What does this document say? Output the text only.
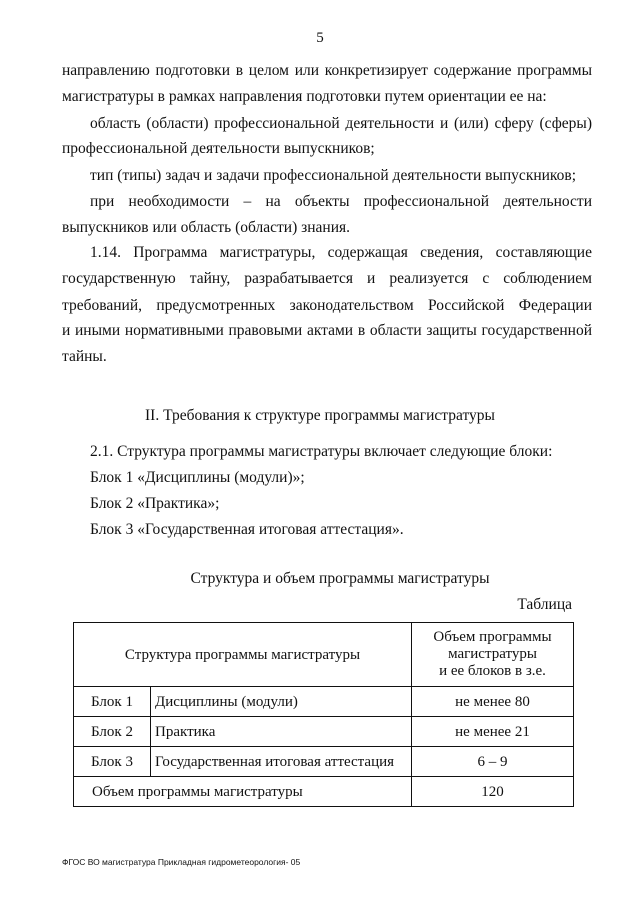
5
направлению подготовки в целом или конкретизирует содержание программы
магистратуры в рамках направления подготовки путем ориентации ее на:
область (области) профессиональной деятельности и (или) сферу (сферы)
профессиональной деятельности выпускников;
тип (типы) задач и задачи профессиональной деятельности выпускников;
при необходимости – на объекты профессиональной деятельности
выпускников или область (области) знания.
1.14. Программа магистратуры, содержащая сведения, составляющие
государственную тайну, разрабатывается и реализуется с соблюдением
требований, предусмотренных законодательством Российской Федерации
и иными нормативными правовыми актами в области защиты государственной
тайны.
II. Требования к структуре программы магистратуры
2.1. Структура программы магистратуры включает следующие блоки:
Блок 1 «Дисциплины (модули)»;
Блок 2 «Практика»;
Блок 3 «Государственная итоговая аттестация».
Структура и объем программы магистратуры
Таблица
Структура программы магистратуры		Объем программы
магистратуры
и ее блоков в з.е.

Блок 1	Дисциплины (модули)	не менее 80
Блок 2	Практика	не менее 21
Блок 3	Государственная итоговая аттестация	6 – 9
Объем программы магистратуры		120
ФГОС ВО магистратура Прикладная гидрометеорология- 05
